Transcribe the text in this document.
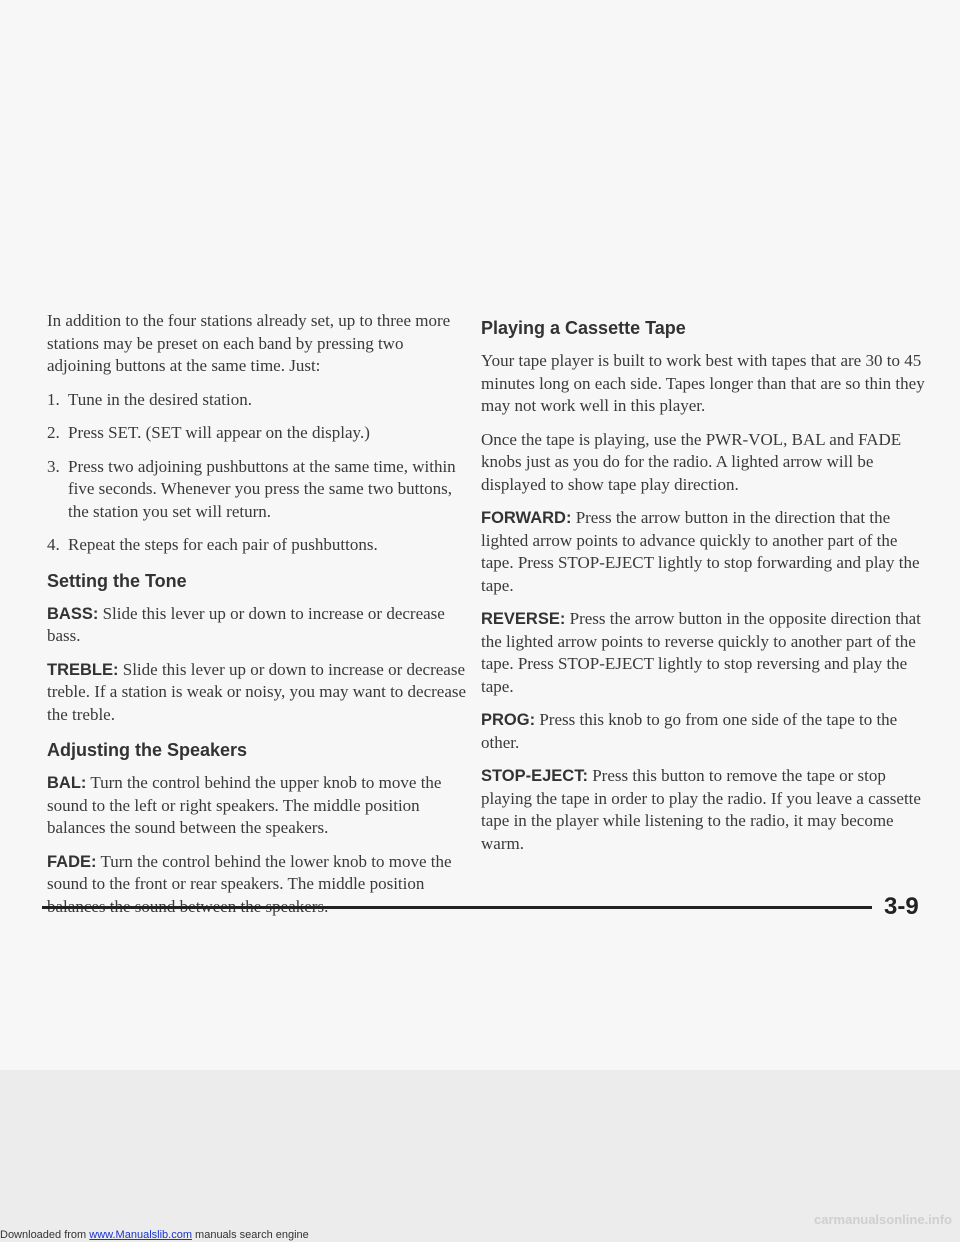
In addition to the four stations already set, up to three more stations may be preset on each band by pressing two adjoining buttons at the same time. Just:

1. Tune in the desired station.
2. Press SET. (SET will appear on the display.)
3. Press two adjoining pushbuttons at the same time, within five seconds. Whenever you press the same two buttons, the station you set will return.
4. Repeat the steps for each pair of pushbuttons.
Setting the Tone

BASS: Slide this lever up or down to increase or decrease bass.

TREBLE: Slide this lever up or down to increase or decrease treble. If a station is weak or noisy, you may want to decrease the treble.

Adjusting the Speakers

BAL: Turn the control behind the upper knob to move the sound to the left or right speakers. The middle position balances the sound between the speakers.

FADE: Turn the control behind the lower knob to move the sound to the front or rear speakers. The middle position

Playing a Cassette Tape

Your tape player is built to work best with tapes that are 30 to 45 minutes long on each side. Tapes longer than that are so thin they may not work well in this player.

Once the tape is playing, use the PWR-VOL, BAL and FADE knobs just as you do for the radio. A lighted arrow will be displayed to show tape play direction.

FORWARD: Press the arrow button in the direction that the lighted arrow points to advance quickly to another part of the tape. Press STOP-EJECT lightly to stop forwarding and play the tape.

REVERSE: Press the arrow button in the opposite direction that the lighted arrow points to reverse quickly to another part of the tape. Press STOP-EJECT lightly to stop reversing and play the tape.

PROG: Press this knob to go from one side of the tape to the other.

STOP-EJECT: Press this button to remove the tape or stop playing the tape in order to play the radio. If you leave a cassette tape in the player while listening to the radio, it may become warm.

3-9
Downloaded from www.Manualslib.com manuals search engine
carmanualsonline.info
